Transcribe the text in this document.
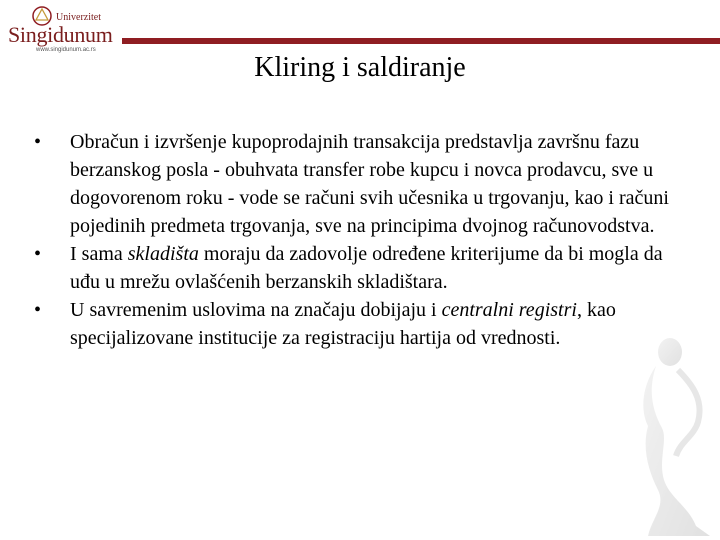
Univerzitet
Singidunum
www.singidunum.ac.rs
Kliring i saldiranje

•	Obračun i izvršenje kupoprodajnih transakcija predstavlja završnu fazu berzanskog posla - obuhvata transfer robe kupcu i novca prodavcu, sve u dogovorenom roku - vode se računi svih učesnika u trgovanju, kao i računi pojedinih predmeta trgovanja, sve na principima dvojnog računovodstva.

•	I sama skladišta moraju da zadovolje određene kriterijume da bi mogla da uđu u mrežu ovlašćenih berzanskih skladištara.

•	U savremenim uslovima na značaju dobijaju i centralni registri, kao specijalizovane institucije za registraciju hartija od vrednosti.
